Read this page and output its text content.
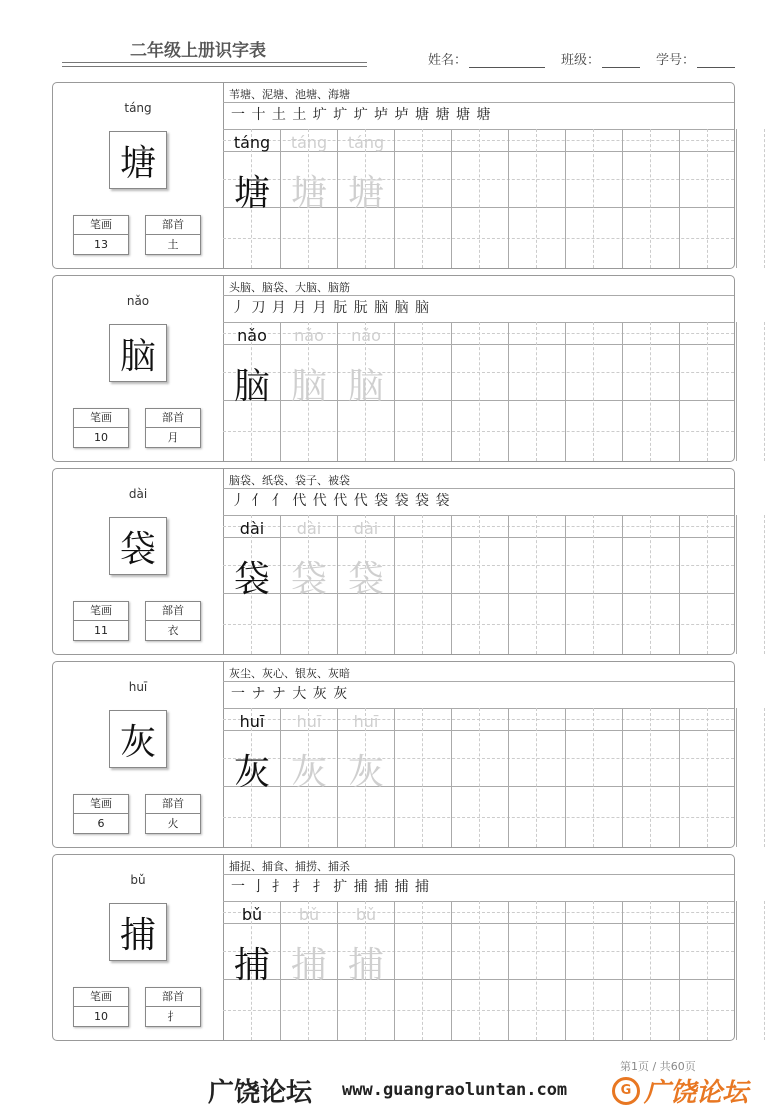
二年级上册识字表	姓名：	班级：	学号：
táng
塘
笔画
13
部首
土
苇塘、泥塘、池塘、海塘
一 十 土 土 圹 圹 圹 垆 垆 塘 塘 塘 塘
táng
塘
táng
塘
táng
塘
nǎo
脑
笔画
10
部首
月
头脑、脑袋、大脑、脑筋
丿 刀 月 月 月 朊 朊 脑 脑 脑
nǎo
脑
nǎo
脑
nǎo
脑
dài
袋
笔画
11
部首
衣
脑袋、纸袋、袋子、被袋
丿 亻 亻 代 代 代 代 袋 袋 袋 袋
dài
袋
dài
袋
dài
袋
huī
灰
笔画
6
部首
火
灰尘、灰心、银灰、灰暗
一 ナ ナ 大 灰 灰
huī
灰
huī
灰
huī
灰
bǔ
捕
笔画
10
部首
扌
捕捉、捕食、捕捞、捕杀
一 亅 扌 扌 扌 扩 捕 捕 捕 捕
bǔ
捕
bǔ
捕
bǔ
捕
第1页 / 共60页
广饶论坛 www.guangraoluntan.com	G 广饶论坛
